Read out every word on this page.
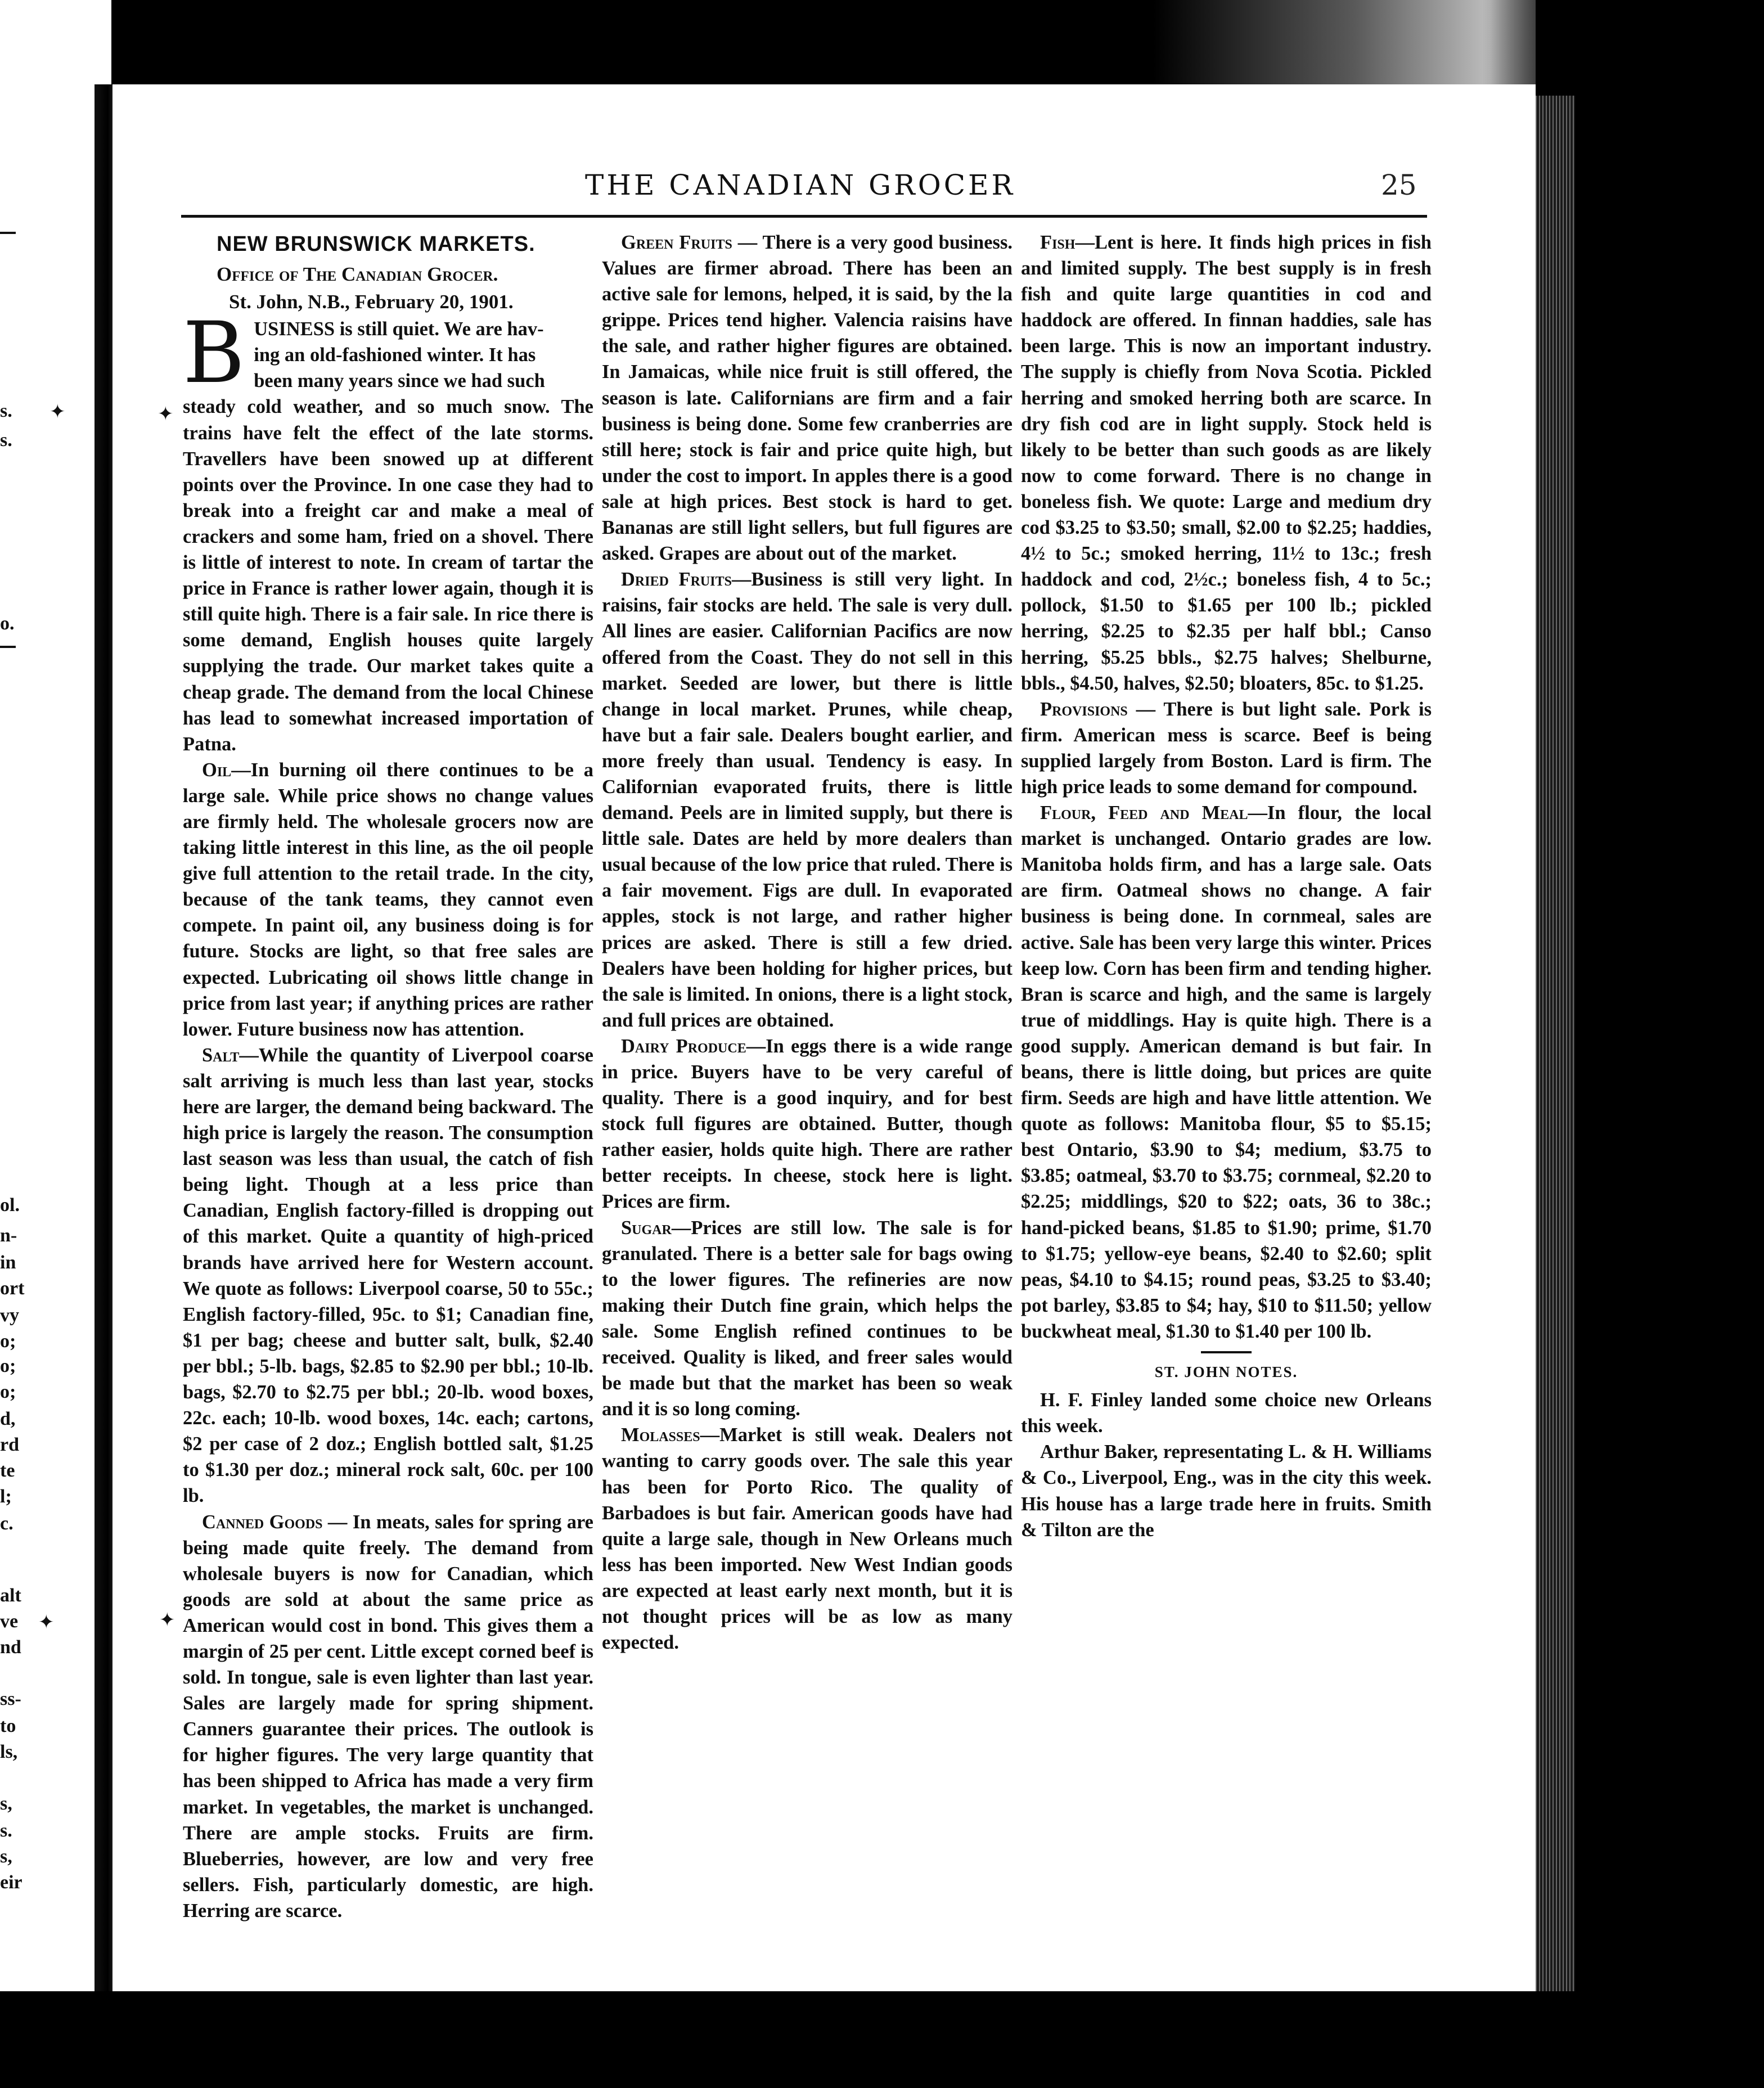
s.
s.
o.
ol.
n-
in
ort
vy
o;
o;
o;
d,
rd
te
l;
c.
alt
ve
nd
ss-
to
ls,
s,
s.
s,
eir
✦
✦
✦
✦
THE CANADIAN GROCER	25
NEW BRUNSWICK MARKETS.
Office of The Canadian Grocer.
St. John, N.B., February 20, 1901.
B USINESS is still quiet. We are hav-
ing an old-fashioned winter. It has
been many years since we had such

steady cold weather, and so much snow. The trains have felt the effect of the late storms. Travellers have been snowed up at different points over the Province. In one case they had to break into a freight car and make a meal of crackers and some ham, fried on a shovel. There is little of interest to note. In cream of tartar the price in France is rather lower again, though it is still quite high. There is a fair sale. In rice there is some demand, English houses quite largely supplying the trade. Our market takes quite a cheap grade. The demand from the local Chinese has lead to somewhat increased importation of Patna.

Oil—In burning oil there continues to be a large sale. While price shows no change values are firmly held. The wholesale grocers now are taking little interest in this line, as the oil people give full attention to the retail trade. In the city, because of the tank teams, they cannot even compete. In paint oil, any business doing is for future. Stocks are light, so that free sales are expected. Lubricating oil shows little change in price from last year; if anything prices are rather lower. Future business now has attention.

Salt—While the quantity of Liverpool coarse salt arriving is much less than last year, stocks here are larger, the demand being backward. The high price is largely the reason. The consumption last season was less than usual, the catch of fish being light. Though at a less price than Canadian, English factory-filled is dropping out of this market. Quite a quantity of high-priced brands have arrived here for Western account. We quote as follows: Liverpool coarse, 50 to 55c.; English factory-filled, 95c. to $1; Canadian fine, $1 per bag; cheese and butter salt, bulk, $2.40 per bbl.; 5-lb. bags, $2.85 to $2.90 per bbl.; 10-lb. bags, $2.70 to $2.75 per bbl.; 20-lb. wood boxes, 22c. each; 10-lb. wood boxes, 14c. each; cartons, $2 per case of 2 doz.; English bottled salt, $1.25 to $1.30 per doz.; mineral rock salt, 60c. per 100 lb.

Canned Goods — In meats, sales for spring are being made quite freely. The demand from wholesale buyers is now for Canadian, which goods are sold at about the same price as American would cost in bond. This gives them a margin of 25 per cent. Little except corned beef is sold. In tongue, sale is even lighter than last year. Sales are largely made for spring shipment. Canners guarantee their prices. The outlook is for higher figures. The very large quantity that has been shipped to Africa has made a very firm market. In vegetables, the market is unchanged. There are ample stocks. Fruits are firm. Blueberries, however, are low and very free sellers. Fish, particularly domestic, are high. Herring are scarce.

Green Fruits — There is a very good business. Values are firmer abroad. There has been an active sale for lemons, helped, it is said, by the la grippe. Prices tend higher. Valencia raisins have the sale, and rather higher figures are obtained. In Jamaicas, while nice fruit is still offered, the season is late. Californians are firm and a fair business is being done. Some few cranberries are still here; stock is fair and price quite high, but under the cost to import. In apples there is a good sale at high prices. Best stock is hard to get. Bananas are still light sellers, but full figures are asked. Grapes are about out of the market.

Dried Fruits—Business is still very light. In raisins, fair stocks are held. The sale is very dull. All lines are easier. Californian Pacifics are now offered from the Coast. They do not sell in this market. Seeded are lower, but there is little change in local market. Prunes, while cheap, have but a fair sale. Dealers bought earlier, and more freely than usual. Tendency is easy. In Californian evaporated fruits, there is little demand. Peels are in limited supply, but there is little sale. Dates are held by more dealers than usual because of the low price that ruled. There is a fair movement. Figs are dull. In evaporated apples, stock is not large, and rather higher prices are asked. There is still a few dried. Dealers have been holding for higher prices, but the sale is limited. In onions, there is a light stock, and full prices are obtained.

Dairy Produce—In eggs there is a wide range in price. Buyers have to be very careful of quality. There is a good inquiry, and for best stock full figures are obtained. Butter, though rather easier, holds quite high. There are rather better receipts. In cheese, stock here is light. Prices are firm.

Sugar—Prices are still low. The sale is for granulated. There is a better sale for bags owing to the lower figures. The refineries are now making their Dutch fine grain, which helps the sale. Some English refined continues to be received. Quality is liked, and freer sales would be made but that the market has been so weak and it is so long coming.

Molasses—Market is still weak. Dealers not wanting to carry goods over. The sale this year has been for Porto Rico. The quality of Barbadoes is but fair. American goods have had quite a large sale, though in New Orleans much less has been imported. New West Indian goods are expected at least early next month, but it is not thought prices will be as low as many expected.

Fish—Lent is here. It finds high prices in fish and limited supply. The best supply is in fresh fish and quite large quantities in cod and haddock are offered. In finnan haddies, sale has been large. This is now an important industry. The supply is chiefly from Nova Scotia. Pickled herring and smoked herring both are scarce. In dry fish cod are in light supply. Stock held is likely to be better than such goods as are likely now to come forward. There is no change in boneless fish. We quote: Large and medium dry cod $3.25 to $3.50; small, $2.00 to $2.25; haddies, 4½ to 5c.; smoked herring, 11½ to 13c.; fresh haddock and cod, 2½c.; boneless fish, 4 to 5c.; pollock, $1.50 to $1.65 per 100 lb.; pickled herring, $2.25 to $2.35 per half bbl.; Canso herring, $5.25 bbls., $2.75 halves; Shelburne, bbls., $4.50, halves, $2.50; bloaters, 85c. to $1.25.

Provisions — There is but light sale. Pork is firm. American mess is scarce. Beef is being supplied largely from Boston. Lard is firm. The high price leads to some demand for compound.

Flour, Feed and Meal—In flour, the local market is unchanged. Ontario grades are low. Manitoba holds firm, and has a large sale. Oats are firm. Oatmeal shows no change. A fair business is being done. In cornmeal, sales are active. Sale has been very large this winter. Prices keep low. Corn has been firm and tending higher. Bran is scarce and high, and the same is largely true of middlings. Hay is quite high. There is a good supply. American demand is but fair. In beans, there is little doing, but prices are quite firm. Seeds are high and have little attention. We quote as follows: Manitoba flour, $5 to $5.15; best Ontario, $3.90 to $4; medium, $3.75 to $3.85; oatmeal, $3.70 to $3.75; cornmeal, $2.20 to $2.25; middlings, $20 to $22; oats, 36 to 38c.; hand-picked beans, $1.85 to $1.90; prime, $1.70 to $1.75; yellow-eye beans, $2.40 to $2.60; split peas, $4.10 to $4.15; round peas, $3.25 to $3.40; pot barley, $3.85 to $4; hay, $10 to $11.50; yellow buckwheat meal, $1.30 to $1.40 per 100 lb.

ST. JOHN NOTES.

H. F. Finley landed some choice new Orleans this week.

Arthur Baker, representating L. & H. Williams & Co., Liverpool, Eng., was in the city this week. His house has a large trade here in fruits. Smith & Tilton are the
